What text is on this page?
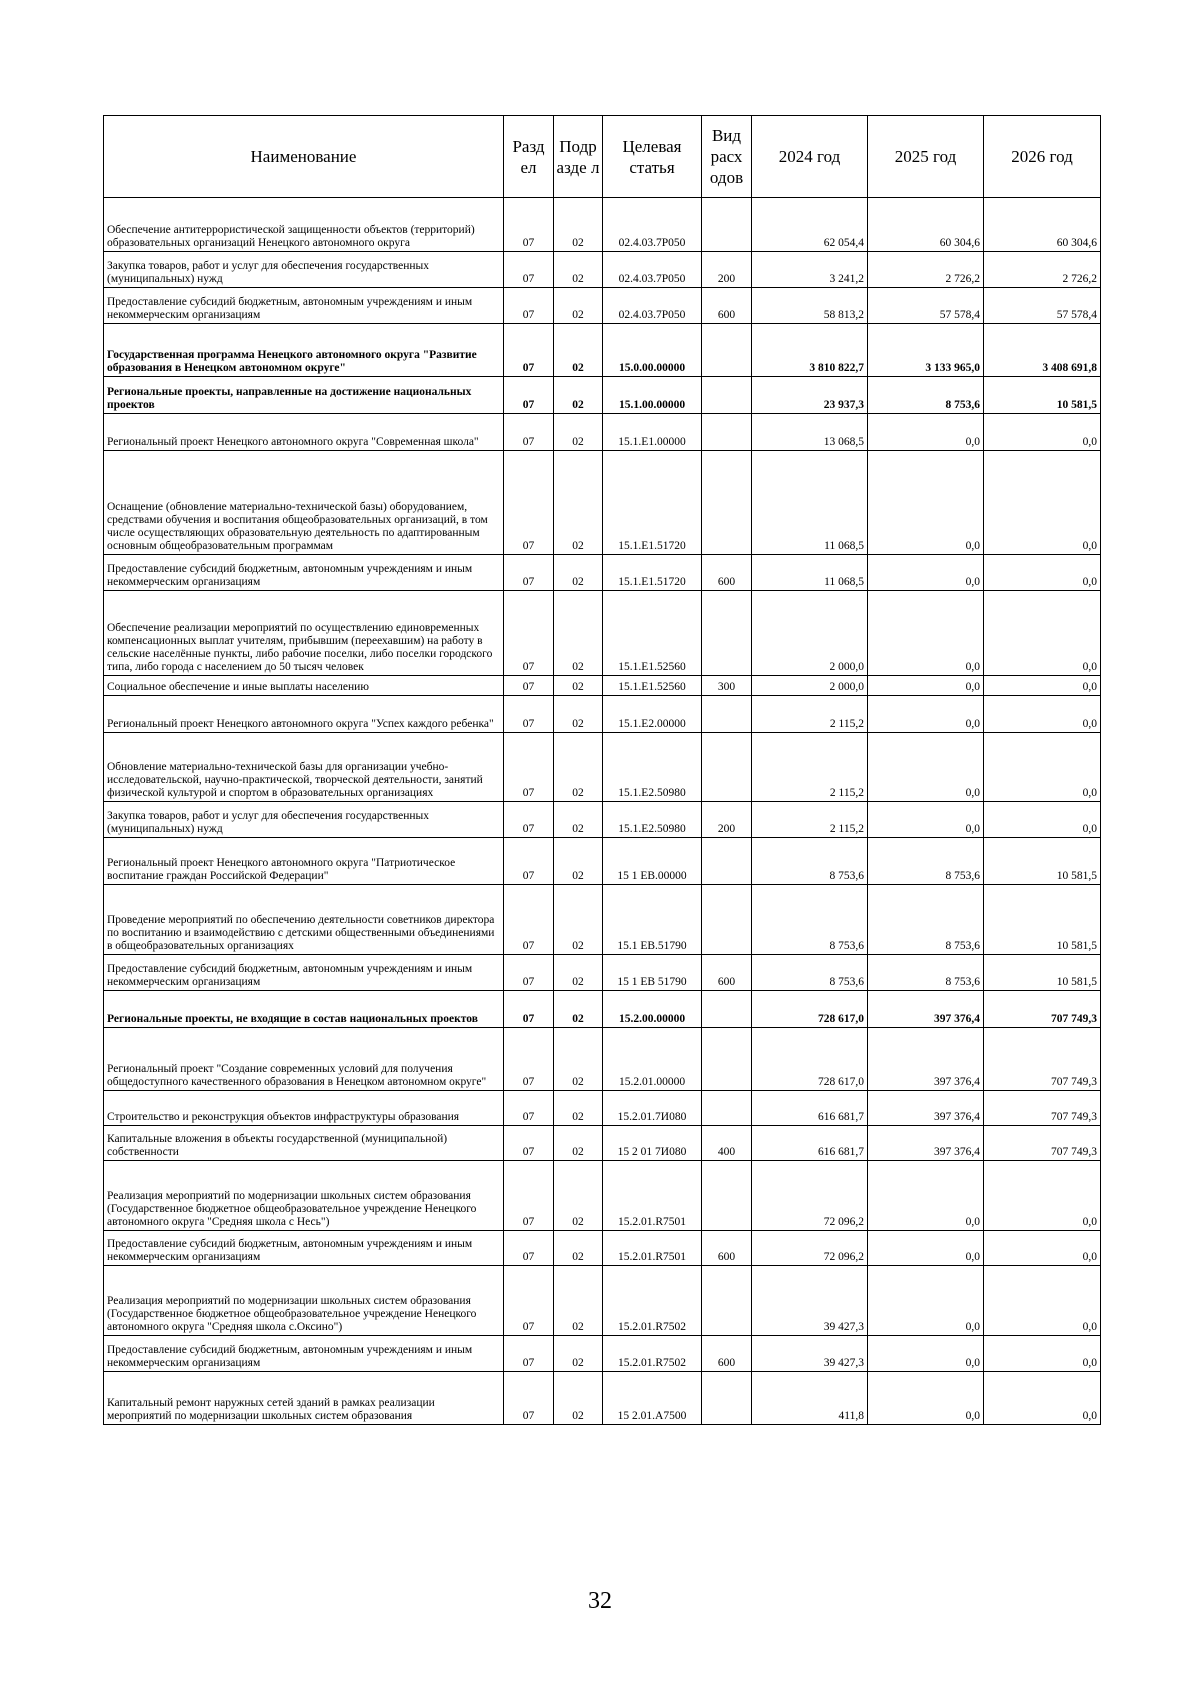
Наименование	Разд ел	Подр азде л	Целевая статья	Вид расх одов	2024 год	2025 год	2026 год
Обеспечение антитеррористической защищенности объектов (территорий) образовательных организаций Ненецкого автономного округа	07	02	02.4.03.7Р050		62 054,4	60 304,6	60 304,6
Закупка товаров, работ и услуг для обеспечения государственных (муниципальных) нужд	07	02	02.4.03.7Р050	200	3 241,2	2 726,2	2 726,2
Предоставление субсидий бюджетным, автономным учреждениям и иным некоммерческим организациям	07	02	02.4.03.7Р050	600	58 813,2	57 578,4	57 578,4
Государственная программа Ненецкого автономного округа "Развитие образования в Ненецком автономном округе"	07	02	15.0.00.00000		3 810 822,7	3 133 965,0	3 408 691,8
Региональные проекты, направленные на достижение национальных проектов	07	02	15.1.00.00000		23 937,3	8 753,6	10 581,5
Региональный проект Ненецкого автономного округа "Современная школа"	07	02	15.1.Е1.00000		13 068,5	0,0	0,0
Оснащение (обновление материально-технической базы) оборудованием, средствами обучения и воспитания общеобразовательных организаций, в том числе осуществляющих образовательную деятельность по адаптированным основным общеобразовательным программам	07	02	15.1.Е1.51720		11 068,5	0,0	0,0
Предоставление субсидий бюджетным, автономным учреждениям и иным некоммерческим организациям	07	02	15.1.Е1.51720	600	11 068,5	0,0	0,0
Обеспечение реализации мероприятий по осуществлению единовременных компенсационных выплат учителям, прибывшим (переехавшим) на работу в сельские населённые пункты, либо рабочие поселки, либо поселки городского типа, либо города с населением до 50 тысяч человек	07	02	15.1.Е1.52560		2 000,0	0,0	0,0
Социальное обеспечение и иные выплаты населению	07	02	15.1.Е1.52560	300	2 000,0	0,0	0,0
Региональный проект Ненецкого автономного округа "Успех каждого ребенка"	07	02	15.1.Е2.00000		2 115,2	0,0	0,0
Обновление материально-технической базы для организации учебно-исследовательской, научно-практической, творческой деятельности, занятий физической культурой и спортом в образовательных организациях	07	02	15.1.Е2.50980		2 115,2	0,0	0,0
Закупка товаров, работ и услуг для обеспечения государственных (муниципальных) нужд	07	02	15.1.Е2.50980	200	2 115,2	0,0	0,0
Региональный проект Ненецкого автономного округа "Патриотическое воспитание граждан Российской Федерации"	07	02	15 1 ЕВ.00000		8 753,6	8 753,6	10 581,5
Проведение мероприятий по обеспечению деятельности советников директора по воспитанию и взаимодействию с детскими общественными объединениями в общеобразовательных организациях	07	02	15.1 ЕВ.51790		8 753,6	8 753,6	10 581,5
Предоставление субсидий бюджетным, автономным учреждениям и иным некоммерческим организациям	07	02	15 1 ЕВ 51790	600	8 753,6	8 753,6	10 581,5
Региональные проекты, не входящие в состав национальных проектов	07	02	15.2.00.00000		728 617,0	397 376,4	707 749,3
Региональный проект "Создание современных условий для получения общедоступного качественного образования в Ненецком автономном округе"	07	02	15.2.01.00000		728 617,0	397 376,4	707 749,3
Строительство и реконструкция объектов инфраструктуры образования	07	02	15.2.01.7И080		616 681,7	397 376,4	707 749,3
Капитальные вложения в объекты государственной (муниципальной) собственности	07	02	15 2 01 7И080	400	616 681,7	397 376,4	707 749,3
Реализация мероприятий по модернизации школьных систем образования (Государственное бюджетное общеобразовательное учреждение Ненецкого автономного округа "Средняя школа с Несь")	07	02	15.2.01.R7501		72 096,2	0,0	0,0
Предоставление субсидий бюджетным, автономным учреждениям и иным некоммерческим организациям	07	02	15.2.01.R7501	600	72 096,2	0,0	0,0
Реализация мероприятий по модернизации школьных систем образования (Государственное бюджетное общеобразовательное учреждение Ненецкого автономного округа "Средняя школа с.Оксино")	07	02	15.2.01.R7502		39 427,3	0,0	0,0
Предоставление субсидий бюджетным, автономным учреждениям и иным некоммерческим организациям	07	02	15.2.01.R7502	600	39 427,3	0,0	0,0
Капитальный ремонт наружных сетей зданий в рамках реализации мероприятий по модернизации школьных систем образования	07	02	15 2.01.А7500		411,8	0,0	0,0
32
